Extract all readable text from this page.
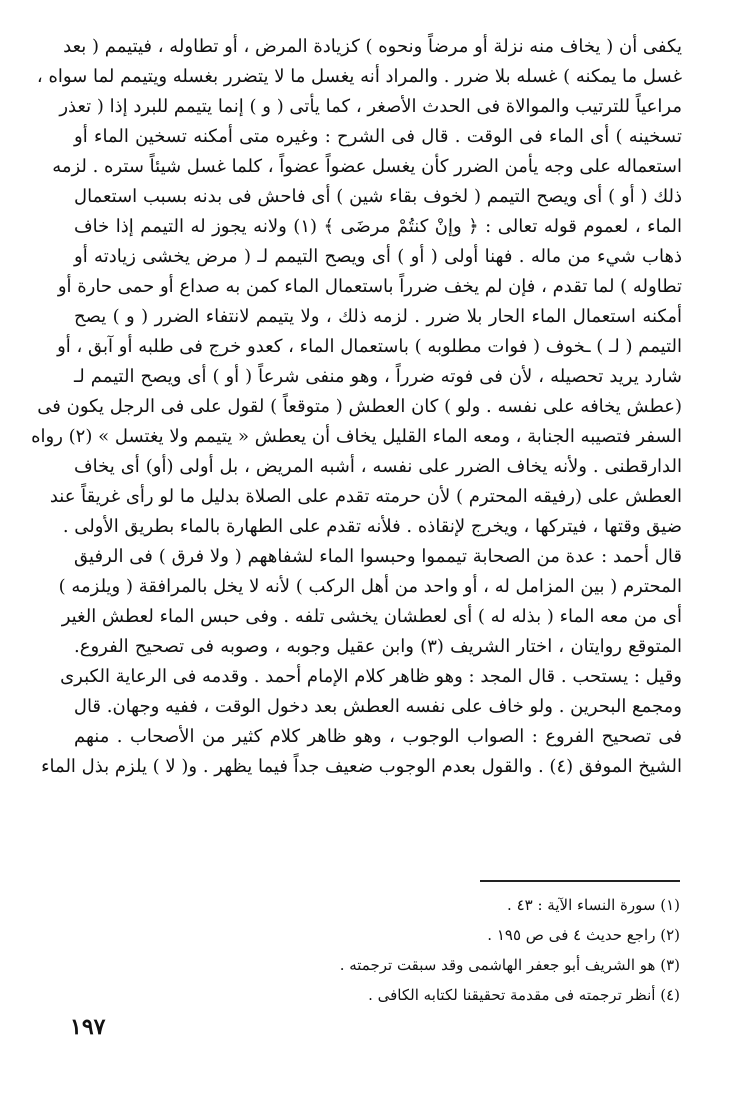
يكفى أن ( يخاف منه نزلة أو مرضاً ونحوه ) كزيادة المرض ، أو تطاوله ، فيتيمم ( بعد
غسل ما يمكنه ) غسله بلا ضرر . والمراد أنه يغسل ما لا يتضرر بغسله ويتيمم لما سواه ،
مراعياً للترتيب والموالاة فى الحدث الأصغر ، كما يأتى ( و ) إنما يتيمم للبرد إذا ( تعذر
تسخينه ) أى الماء فى الوقت . قال فى الشرح : وغيره متى أمكنه تسخين الماء أو
استعماله على وجه يأمن الضرر كأن يغسل عضواً عضواً ، كلما غسل شيئاً ستره . لزمه
ذلك ( أو ) أى ويصح التيمم ( لخوف بقاء شين ) أى فاحش فى بدنه بسبب استعمال
الماء ، لعموم قوله تعالى : ﴿ وإنْ كنتُمْ مرضَى ﴾ (١) ولانه يجوز له التيمم إذا خاف
ذهاب شيء من ماله . فهنا أولى ( أو ) أى ويصح التيمم لـ ( مرض يخشى زيادته أو
تطاوله ) لما تقدم ، فإن لم يخف ضرراً باستعمال الماء كمن به صداع أو حمى حارة أو
أمكنه استعمال الماء الحار بلا ضرر . لزمه ذلك ، ولا يتيمم لانتفاء الضرر ( و ) يصح
التيمم ( لـ ) ـخوف ( فوات مطلوبه ) باستعمال الماء ، كعدو خرج فى طلبه أو آبق ، أو
شارد يريد تحصيله ، لأن فى فوته ضرراً ، وهو منفى شرعاً ( أو ) أى ويصح التيمم لـ
(عطش يخافه على نفسه . ولو ) كان العطش ( متوقعاً ) لقول على فى الرجل يكون فى
السفر فتصيبه الجنابة ، ومعه الماء القليل يخاف أن يعطش « يتيمم ولا يغتسل » (٢) رواه
الدارقطنى . ولأنه يخاف الضرر على نفسه ، أشبه المريض ، بل أولى (أو) أى يخاف
العطش على (رفيقه المحترم ) لأن حرمته تقدم على الصلاة بدليل ما لو رأى غريقاً عند
ضيق وقتها ، فيتركها ، ويخرج لإنقاذه . فلأنه تقدم على الطهارة بالماء بطريق الأولى .
قال أحمد : عدة من الصحابة تيمموا وحبسوا الماء لشفاههم ( ولا فرق ) فى الرفيق
المحترم ( بين المزامل له ، أو واحد من أهل الركب ) لأنه لا يخل بالمرافقة ( ويلزمه )
أى من معه الماء ( بذله له ) أى لعطشان يخشى تلفه . وفى حبس الماء لعطش الغير
المتوقع روايتان ، اختار الشريف (٣) وابن عقيل وجوبه ، وصوبه فى تصحيح الفروع.
وقيل : يستحب . قال المجد : وهو ظاهر كلام الإمام أحمد . وقدمه فى الرعاية الكبرى
ومجمع البحرين . ولو خاف على نفسه العطش بعد دخول الوقت ، ففيه وجهان. قال
فى تصحيح الفروع : الصواب الوجوب ، وهو ظاهر كلام كثير من الأصحاب . منهم
الشيخ الموفق (٤) . والقول بعدم الوجوب ضعيف جداً فيما يظهر . و( لا ) يلزم بذل الماء
(١) سورة النساء الآية : ٤٣ .
(٢) راجع حديث ٤ فى ص ١٩٥ .
(٣) هو الشريف أبو جعفر الهاشمى وقد سبقت ترجمته .
(٤) أنظر ترجمته فى مقدمة تحقيقنا لكتابه الكافى .
١٩٧
